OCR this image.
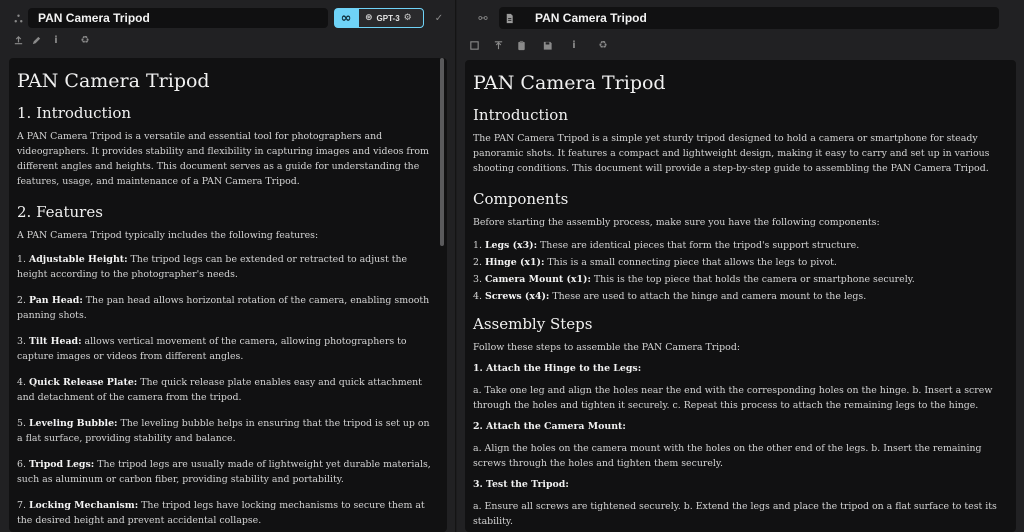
PAN Camera Tripod	∞ ⊛ GPT-3 ⚙ ✓
i	♻
PAN Camera Tripod
1. Introduction

A PAN Camera Tripod is a versatile and essential tool for photographers and videographers. It provides stability and flexibility in capturing images and videos from different angles and heights. This document serves as a guide for understanding the features, usage, and maintenance of a PAN Camera Tripod.

2. Features

A PAN Camera Tripod typically includes the following features:

1. Adjustable Height: The tripod legs can be extended or retracted to adjust the height according to the photographer's needs.
2. Pan Head: The pan head allows horizontal rotation of the camera, enabling smooth panning shots.
3. Tilt Head: allows vertical movement of the camera, allowing photographers to capture images or videos from different angles.
4. Quick Release Plate: The quick release plate enables easy and quick attachment and detachment of the camera from the tripod.
5. Leveling Bubble: The leveling bubble helps in ensuring that the tripod is set up on a flat surface, providing stability and balance.
6. Tripod Legs: The tripod legs are usually made of lightweight yet durable materials, such as aluminum or carbon fiber, providing stability and portability.
7. Locking Mechanism: The tripod legs have locking mechanisms to secure them at the desired height and prevent accidental collapse.
⚯	PAN Camera Tripod
i	♻
PAN Camera Tripod
Introduction

The PAN Camera Tripod is a simple yet sturdy tripod designed to hold a camera or smartphone for steady panoramic shots. It features a compact and lightweight design, making it easy to carry and set up in various shooting conditions. This document will provide a step-by-step guide to assembling the PAN Camera Tripod.

Components

Before starting the assembly process, make sure you have the following components:

1. Legs (x3): These are identical pieces that form the tripod's support structure.
2. Hinge (x1): This is a small connecting piece that allows the legs to pivot.
3. Camera Mount (x1): This is the top piece that holds the camera or smartphone securely.
4. Screws (x4): These are used to attach the hinge and camera mount to the legs.
Assembly Steps

Follow these steps to assemble the PAN Camera Tripod:

1. Attach the Hinge to the Legs:

a. Take one leg and align the holes near the end with the corresponding holes on the hinge. b. Insert a screw through the holes and tighten it securely. c. Repeat this process to attach the remaining legs to the hinge.

2. Attach the Camera Mount:

a. Align the holes on the camera mount with the holes on the other end of the legs. b. Insert the remaining screws through the holes and tighten them securely.

3. Test the Tripod:

a. Ensure all screws are tightened securely. b. Extend the legs and place the tripod on a flat surface to test its stability.
